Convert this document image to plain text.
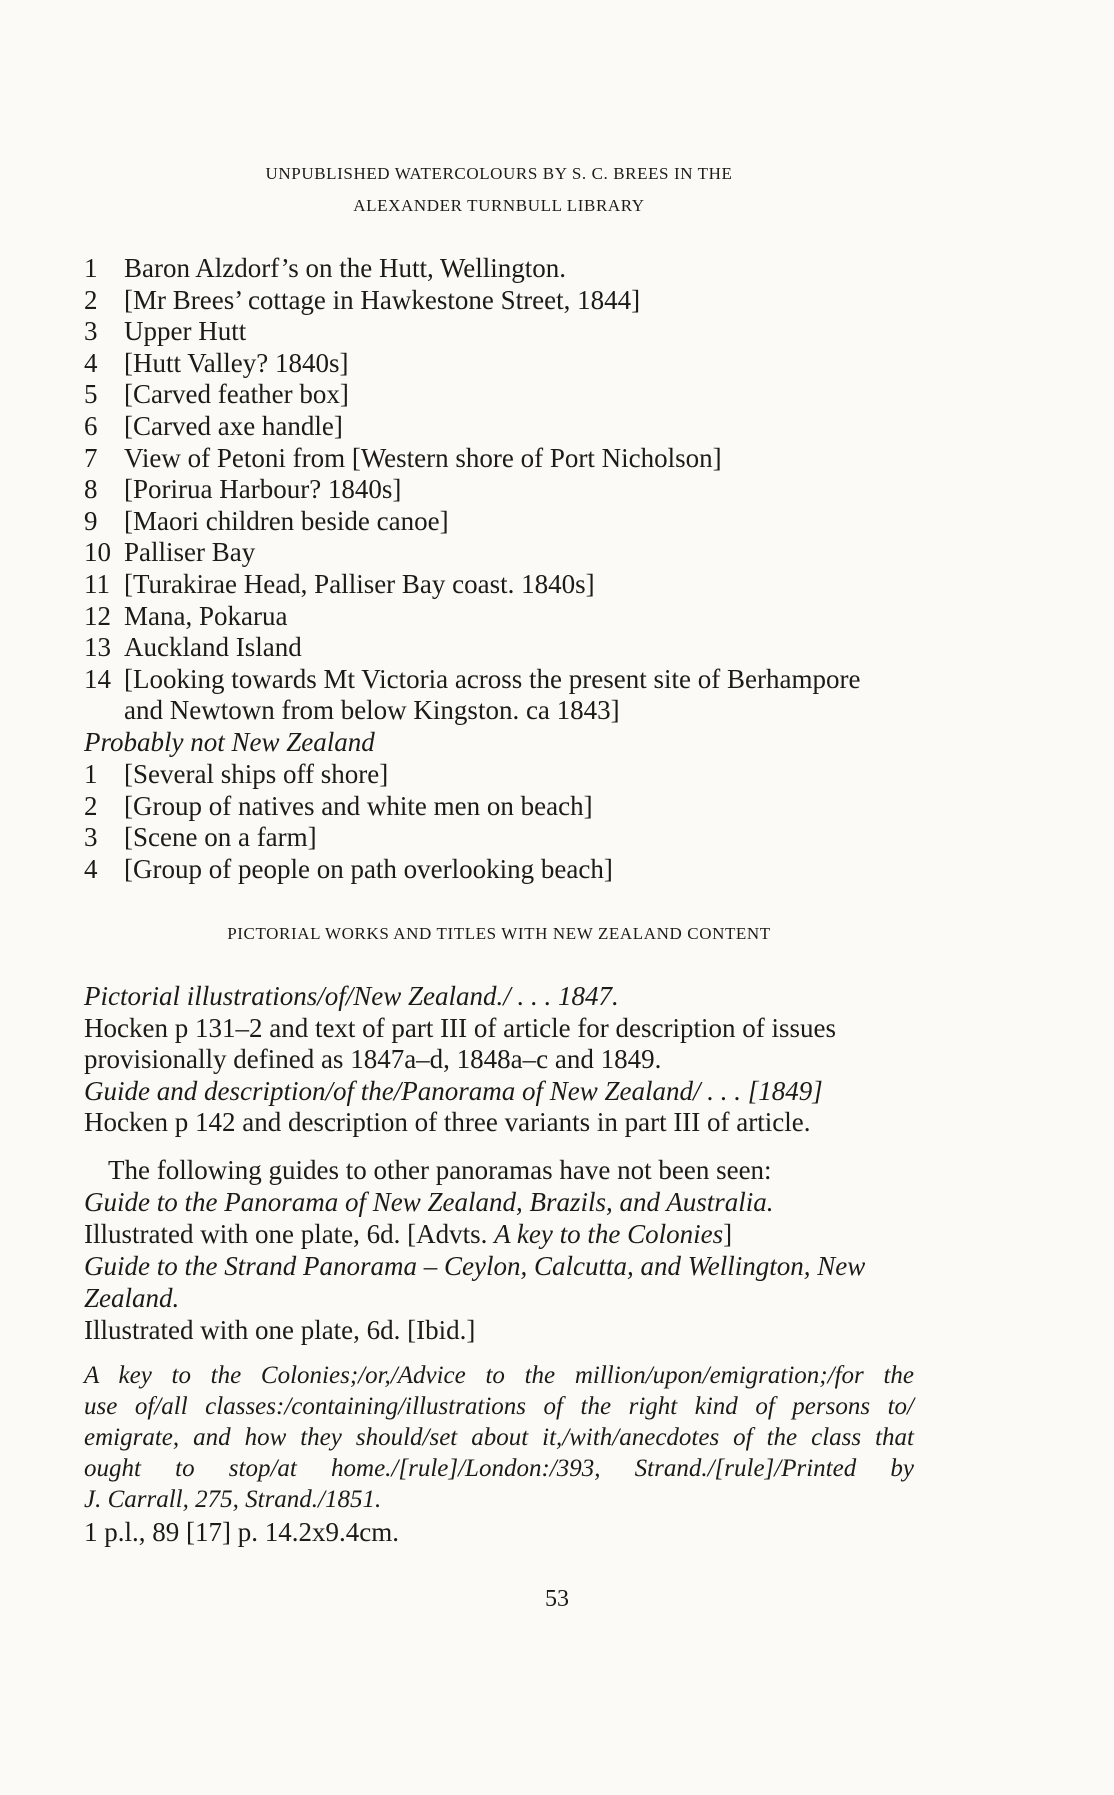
UNPUBLISHED WATERCOLOURS BY S. C. BREES IN THE
ALEXANDER TURNBULL LIBRARY
1 Baron Alzdorf’s on the Hutt, Wellington.
2 [Mr Brees’ cottage in Hawkestone Street, 1844]
3 Upper Hutt
4 [Hutt Valley? 1840s]
5 [Carved feather box]
6 [Carved axe handle]
7 View of Petoni from [Western shore of Port Nicholson]
8 [Porirua Harbour? 1840s]
9 [Maori children beside canoe]
10 Palliser Bay
11 [Turakirae Head, Palliser Bay coast. 1840s]
12 Mana, Pokarua
13 Auckland Island
14 [Looking towards Mt Victoria across the present site of Berhampore
and Newtown from below Kingston. ca 1843]
Probably not New Zealand
1 [Several ships off shore]
2 [Group of natives and white men on beach]
3 [Scene on a farm]
4 [Group of people on path overlooking beach]
PICTORIAL WORKS AND TITLES WITH NEW ZEALAND CONTENT
Pictorial illustrations/of/New Zealand./ . . . 1847.
Hocken p 131–2 and text of part III of article for description of issues
provisionally defined as 1847a–d, 1848a–c and 1849.
Guide and description/of the/Panorama of New Zealand/ . . . [1849]
Hocken p 142 and description of three variants in part III of article.
The following guides to other panoramas have not been seen:
Guide to the Panorama of New Zealand, Brazils, and Australia.
Illustrated with one plate, 6d. [Advts. A key to the Colonies]
Guide to the Strand Panorama – Ceylon, Calcutta, and Wellington, New
Zealand.
Illustrated with one plate, 6d. [Ibid.]
A key to the Colonies;/or,/Advice to the million/upon/emigration;/for the
use of/all classes:/containing/illustrations of the right kind of persons to/
emigrate, and how they should/set about it,/with/anecdotes of the class that
ought to stop/at home./[rule]/London:/393, Strand./[rule]/Printed by
J. Carrall, 275, Strand./1851.
1 p.l., 89 [17] p. 14.2x9.4cm.
53
